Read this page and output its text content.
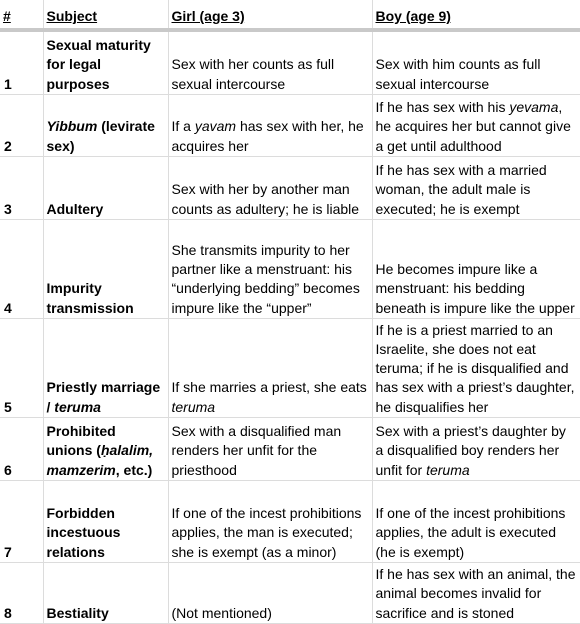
#	Subject	Girl (age 3)	Boy (age 9)
1	Sexual maturity for legal purposes	Sex with her counts as full sexual intercourse	Sex with him counts as full sexual intercourse
2	Yibbum (levirate sex)	If a yavam has sex with her, he acquires her	If he has sex with his yevama, he acquires her but cannot give a get until adulthood
3	Adultery	Sex with her by another man counts as adultery; he is liable	If he has sex with a married woman, the adult male is executed; he is exempt
4	Impurity transmission	She transmits impurity to her partner like a menstruant: his “underlying bedding” becomes impure like the “upper”	He becomes impure like a menstruant: his bedding beneath is impure like the upper
5	Priestly marriage / teruma	If she marries a priest, she eats teruma	If he is a priest married to an Israelite, she does not eat teruma; if he is disqualified and has sex with a priest’s daughter, he disqualifies her
6	Prohibited unions (ḥalalim, mamzerim, etc.)	Sex with a disqualified man renders her unfit for the priesthood	Sex with a priest’s daughter by a disqualified boy renders her unfit for teruma
7	Forbidden incestuous relations	If one of the incest prohibitions applies, the man is executed; she is exempt (as a minor)	If one of the incest prohibitions applies, the adult is executed (he is exempt)
8	Bestiality	(Not mentioned)	If he has sex with an animal, the animal becomes invalid for sacrifice and is stoned
